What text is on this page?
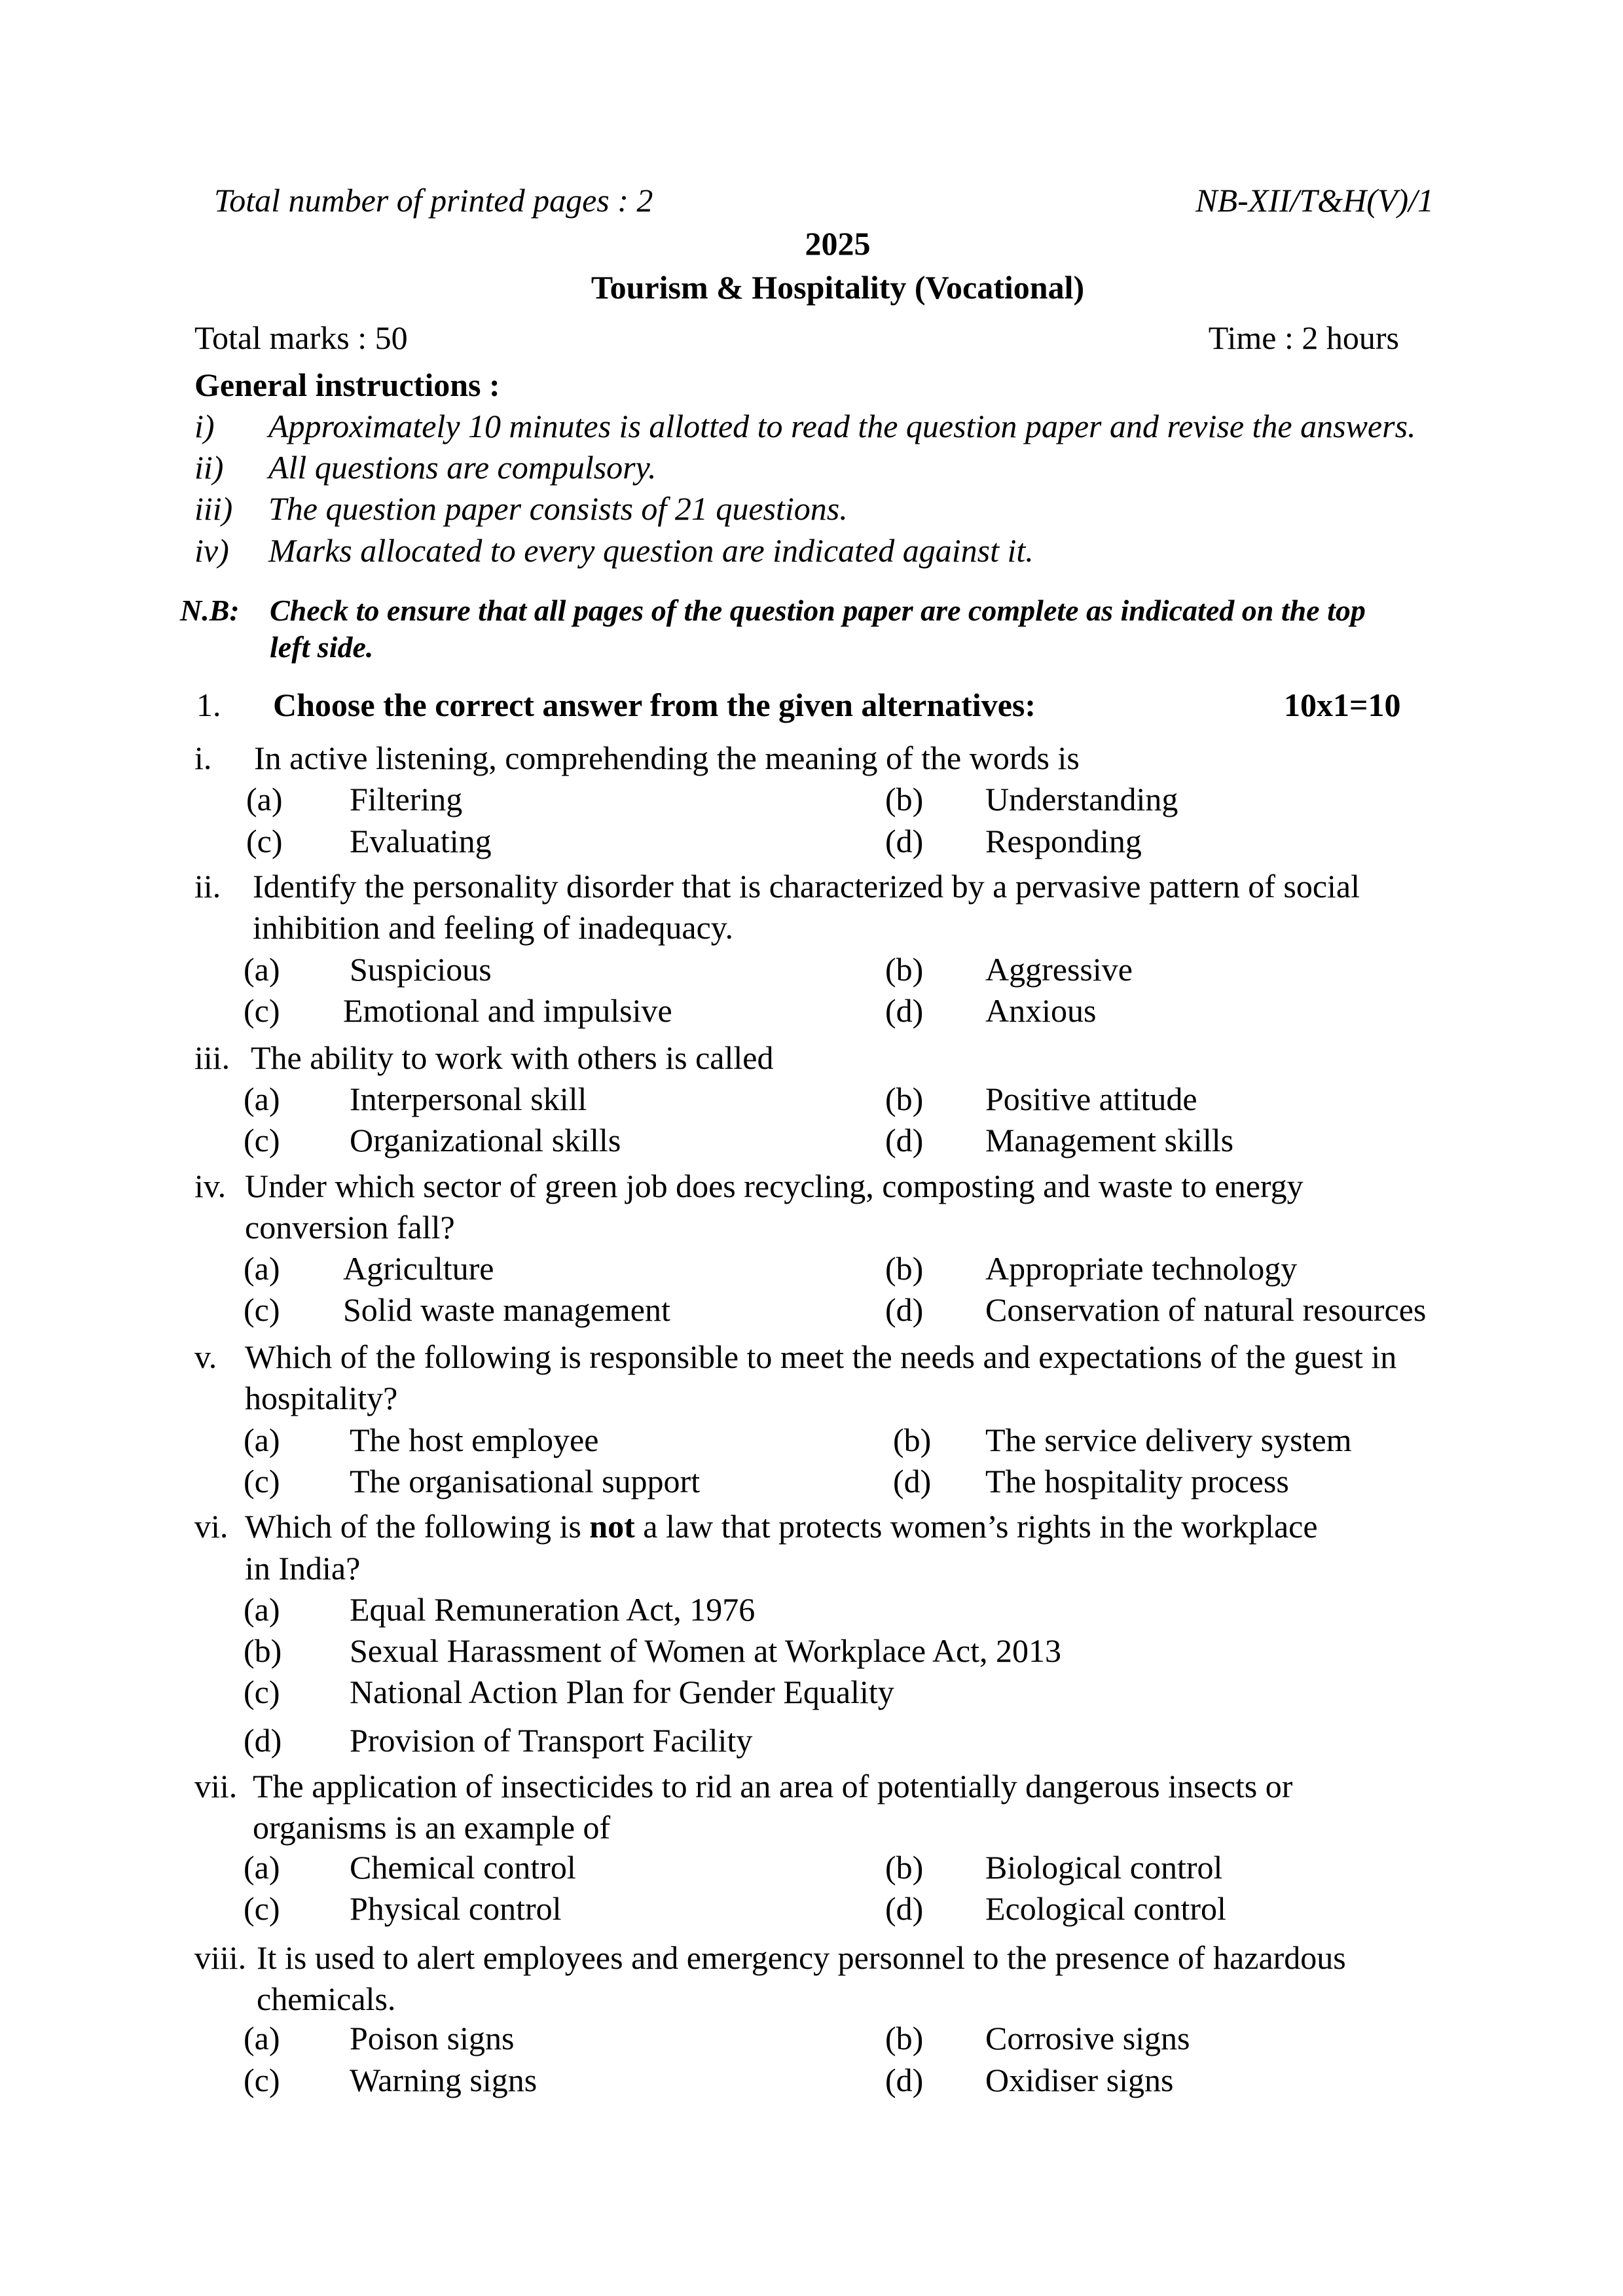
Total number of printed pages : 2	NB-XII/T&H(V)/1
2025
Tourism & Hospitality (Vocational)
Total marks : 50	Time : 2 hours
General instructions :
i) Approximately 10 minutes is allotted to read the question paper and revise the answers.
ii) All questions are compulsory.
iii) The question paper consists of 21 questions.
iv) Marks allocated to every question are indicated against it.
N.B: Check to ensure that all pages of the question paper are complete as indicated on the top
left side.
1. Choose the correct answer from the given alternatives:	10x1=10
i. In active listening, comprehending the meaning of the words is
(a) Filtering	(b) Understanding
(c) Evaluating	(d) Responding
ii. Identify the personality disorder that is characterized by a pervasive pattern of social
inhibition and feeling of inadequacy.
(a) Suspicious	(b) Aggressive
(c) Emotional and impulsive	(d) Anxious
iii. The ability to work with others is called
(a) Interpersonal skill	(b) Positive attitude
(c) Organizational skills	(d) Management skills
iv. Under which sector of green job does recycling, composting and waste to energy
conversion fall?
(a) Agriculture	(b) Appropriate technology
(c) Solid waste management	(d) Conservation of natural resources
v. Which of the following is responsible to meet the needs and expectations of the guest in
hospitality?
(a) The host employee	(b) The service delivery system
(c) The organisational support	(d) The hospitality process
vi. Which of the following is not a law that protects women’s rights in the workplace
in India?
(a) Equal Remuneration Act, 1976
(b) Sexual Harassment of Women at Workplace Act, 2013
(c) National Action Plan for Gender Equality
(d) Provision of Transport Facility
vii. The application of insecticides to rid an area of potentially dangerous insects or
organisms is an example of
(a) Chemical control	(b) Biological control
(c) Physical control	(d) Ecological control
viii. It is used to alert employees and emergency personnel to the presence of hazardous
chemicals.
(a) Poison signs	(b) Corrosive signs
(c) Warning signs	(d) Oxidiser signs
